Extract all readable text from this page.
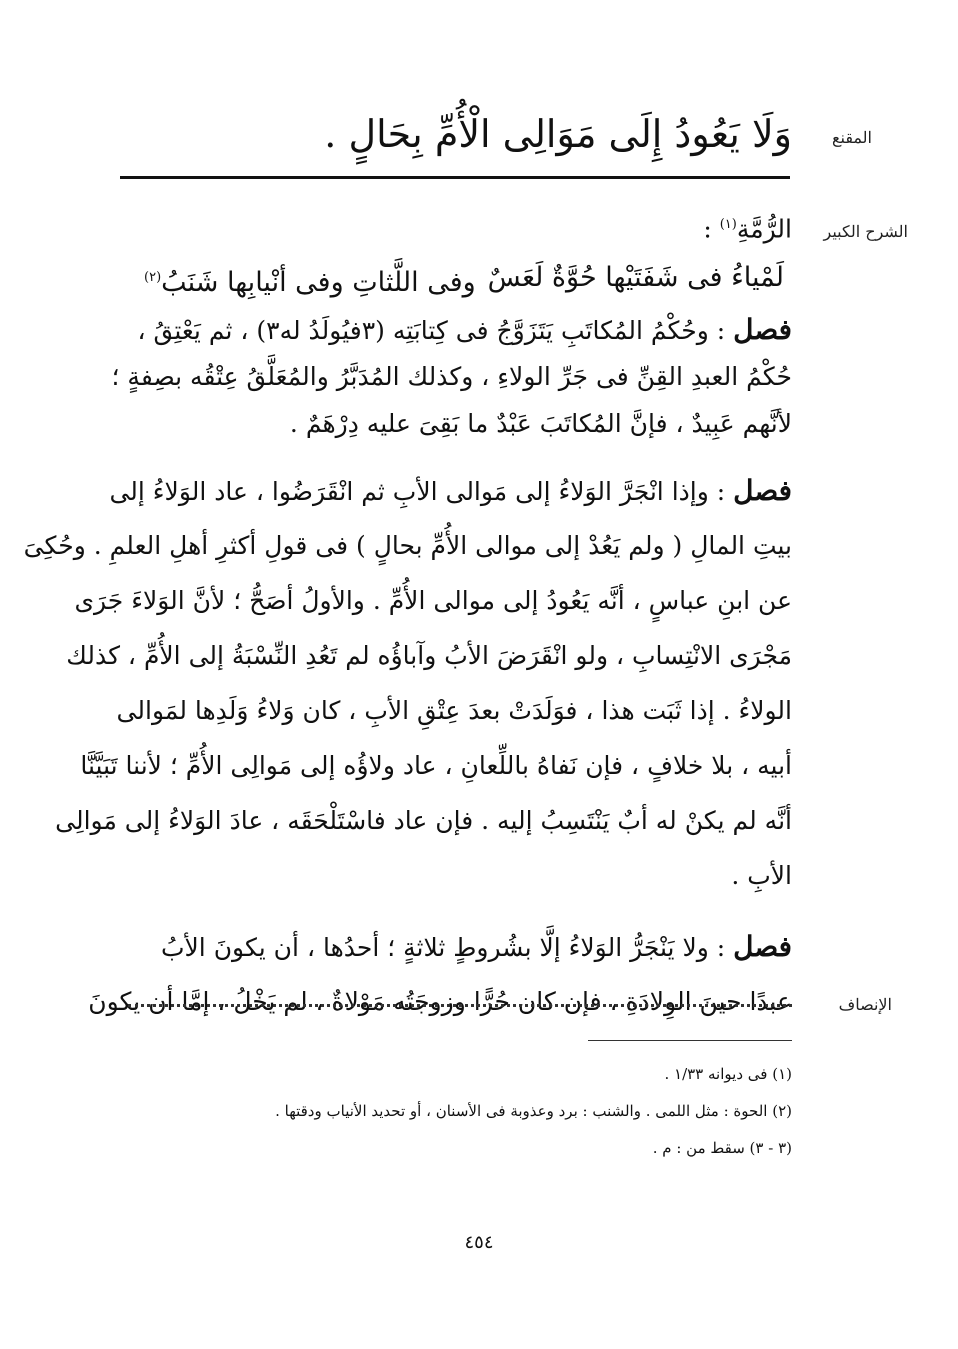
المقنع
الشرح الكبير
الإنصاف
وَلَا يَعُودُ إِلَى مَوَالِى الْأُمِّ بِحَالٍ .
الرُّمَّةِ$^{(١)}$ :
لَمْياءُ فى شَفَتَيْها حُوَّةٌ لَعَسٌ
وفى اللَّثاتِ وفى أنْيابِها شَنَبُ$^{(٢)}$
فصل : وحُكْمُ المُكاتَبِ يَتَزَوَّجُ فى كِتابَتِه (٣فيُولَدُ له٣) ، ثم يَعْتِقُ ،
حُكْمُ العبدِ القِنِّ فى جَرِّ الولاءِ ، وكذلك المُدَبَّرُ والمُعَلَّقُ عِتْقُه بصِفةٍ ؛
لأنَّهم عَبِيدٌ ، فإنَّ المُكاتَبَ عَبْدٌ ما بَقِىَ عليه دِرْهَمٌ .
فصل : وإذا انْجَرَّ الوَلاءُ إلى مَوالى الأبِ ثم انْقَرَضُوا ، عاد الوَلاءُ إلى
بيتِ المالِ ( ولم يَعُدْ إلى موالى الأُمِّ بحالٍ ) فى قولِ أكثرِ أهلِ العلمِ . وحُكِىَ
عن ابنِ عباسٍ ، أنَّه يَعُودُ إلى موالى الأُمِّ . والأولُ أصَحُّ ؛ لأنَّ الوَلاءَ جَرَى
مَجْرَى الانْتِسابِ ، ولو انْقَرَضَ الأبُ وآباؤُه لم تَعُدِ النِّسْبَةُ إلى الأُمِّ ، كذلك
الولاءُ . إذا ثَبَت هذا ، فوَلَدَتْ بعدَ عِتْقِ الأبِ ، كان وَلاءُ وَلَدِها لمَوالى
أبيه ، بلا خلافٍ ، فإن نَفاهُ باللِّعانِ ، عاد ولاؤُه إلى مَوالِى الأُمِّ ؛ لأننا تَبَيَّنَّا
أنَّه لم يكنْ له أبٌ يَنْتَسِبُ إليه . فإن عاد فاسْتَلْحَقَه ، عادَ الوَلاءُ إلى مَوالِى
الأبِ .
فصل : ولا يَنْجَرُّ الوَلاءُ إلَّا بشُروطٍ ثلاثةٍ ؛ أحدُها ، أن يكونَ الأبُ
عبدًا حينَ الوِلادَةِ ، فإن كان حُرًّا وزوجَتُه مَوْلاةٌ ، لم يَخْلُ ، إمَّا أن يكونَ
(١) فى ديوانه ١/٣٣ .
(٢) الحوة : مثل اللمى . والشنب : برد وعذوبة فى الأسنان ، أو تحديد الأنياب ودقتها .
(٣ - ٣) سقط من : م .
٤٥٤
